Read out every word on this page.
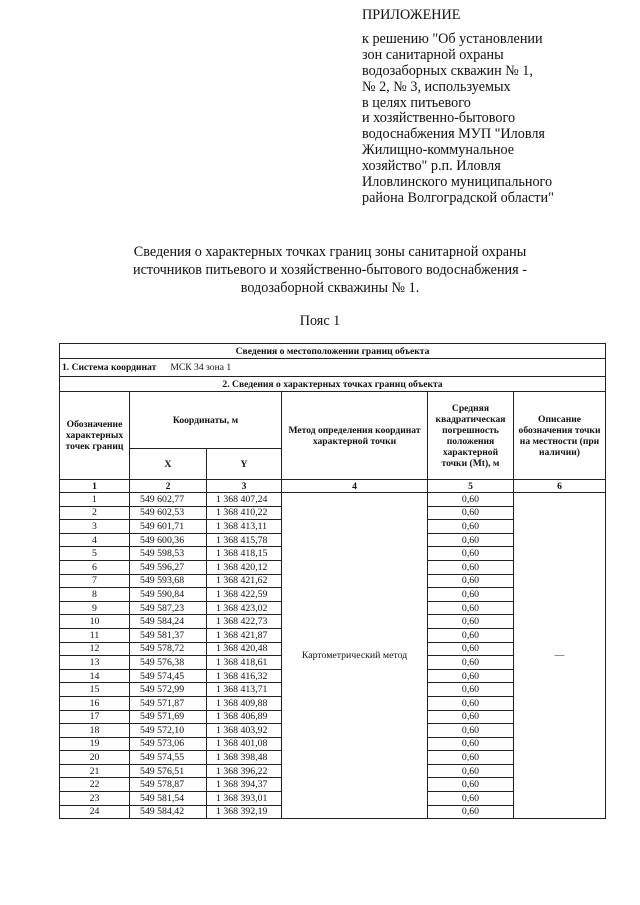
ПРИЛОЖЕНИЕ
к решению "Об установлении
зон санитарной охраны
водозаборных скважин № 1,
№ 2, № 3, используемых
в целях питьевого
и хозяйственно-бытового
водоснабжения МУП "Иловля
Жилищно-коммунальное
хозяйство" р.п. Иловля
Иловлинского муниципального
района Волгоградской области"
Сведения о характерных точках границ зоны санитарной охраны
источников питьевого и хозяйственно-бытового водоснабжения -
водозаборной скважины № 1.
Пояс 1
Сведения о местоположении границ объекта					
1. Система координат МСК 34 зона 1					
2. Сведения о характерных точках границ объекта					
Обозначение характерных точек границ	Координаты, м		Метод определения координат характерной точки	Средняя квадратическая погрешность положения характерной точки (Mt), м	Описание обозначения точки на местности (при наличии)
	X	Y			
1	2	3	4	5	6
1	549 602,77	1 368 407,24	Картометрический метод	0,60	—
2	549 602,53	1 368 410,22		0,60	
3	549 601,71	1 368 413,11		0,60	
4	549 600,36	1 368 415,78		0,60	
5	549 598,53	1 368 418,15		0,60	
6	549 596,27	1 368 420,12		0,60	
7	549 593,68	1 368 421,62		0,60	
8	549 590,84	1 368 422,59		0,60	
9	549 587,23	1 368 423,02		0,60	
10	549 584,24	1 368 422,73		0,60	
11	549 581,37	1 368 421,87		0,60	
12	549 578,72	1 368 420,48		0,60	
13	549 576,38	1 368 418,61		0,60	
14	549 574,45	1 368 416,32		0,60	
15	549 572,99	1 368 413,71		0,60	
16	549 571,87	1 368 409,88		0,60	
17	549 571,69	1 368 406,89		0,60	
18	549 572,10	1 368 403,92		0,60	
19	549 573,06	1 368 401,08		0,60	
20	549 574,55	1 368 398,48		0,60	
21	549 576,51	1 368 396,22		0,60	
22	549 578,87	1 368 394,37		0,60	
23	549 581,54	1 368 393,01		0,60	
24	549 584,42	1 368 392,19		0,60	
